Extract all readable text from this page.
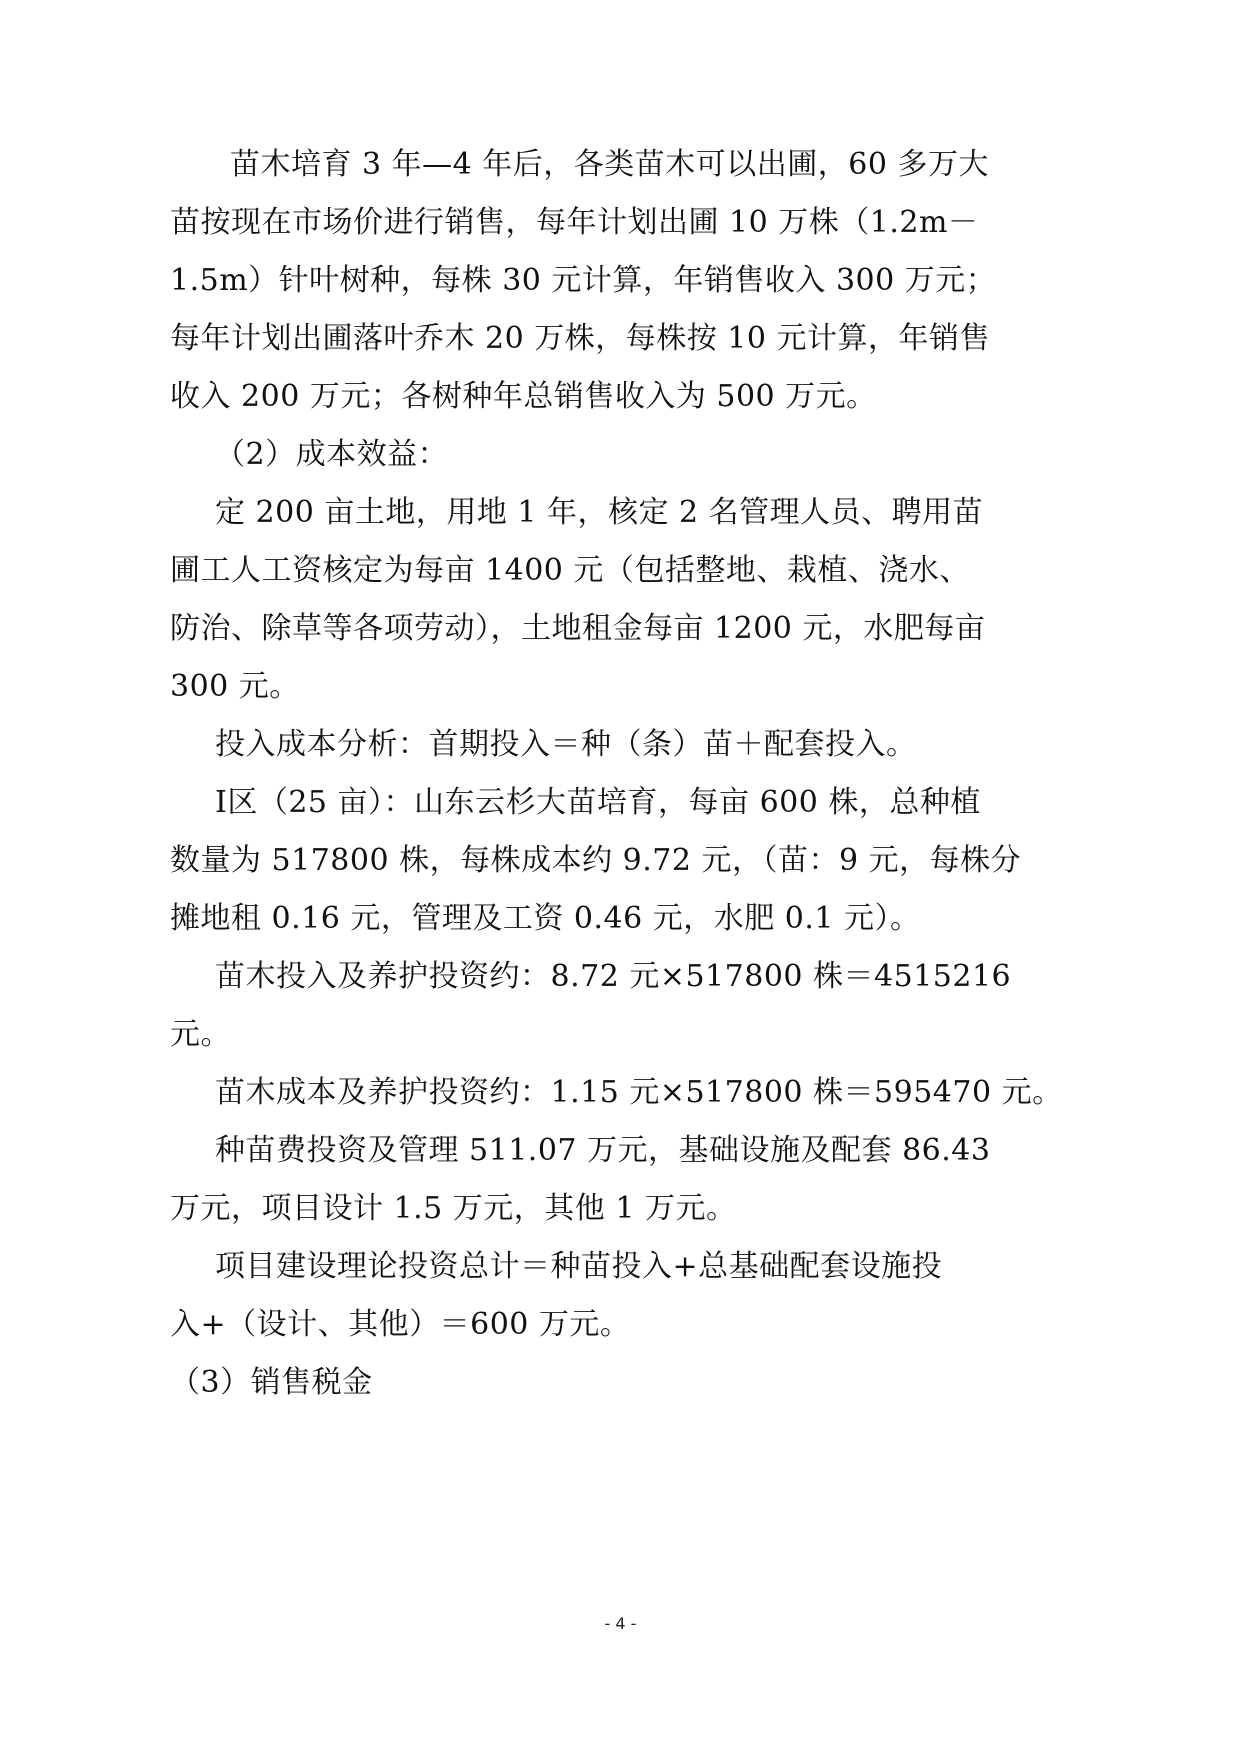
苗木培育 3 年—4 年后，各类苗木可以出圃，60 多万大
苗按现在市场价进行销售，每年计划出圃 10 万株（1.2m－
1.5m）针叶树种，每株 30 元计算，年销售收入 300 万元；
每年计划出圃落叶乔木 20 万株，每株按 10 元计算，年销售
收入 200 万元；各树种年总销售收入为 500 万元。
（2）成本效益：
定 200 亩土地，用地 1 年，核定 2 名管理人员、聘用苗
圃工人工资核定为每亩 1400 元（包括整地、栽植、浇水、
防治、除草等各项劳动），土地租金每亩 1200 元，水肥每亩
300 元。
投入成本分析：首期投入＝种（条）苗＋配套投入。
Ⅰ区（25 亩）：山东云杉大苗培育，每亩 600 株，总种植
数量为 517800 株，每株成本约 9.72 元，（苗：9 元，每株分
摊地租 0.16 元，管理及工资 0.46 元，水肥 0.1 元）。
苗木投入及养护投资约：8.72 元×517800 株＝4515216
元。
苗木成本及养护投资约：1.15 元×517800 株＝595470 元。
种苗费投资及管理 511.07 万元，基础设施及配套 86.43
万元，项目设计 1.5 万元，其他 1 万元。
项目建设理论投资总计＝种苗投入+总基础配套设施投
入+（设计、其他）＝600 万元。
（3）销售税金
- 4 -
